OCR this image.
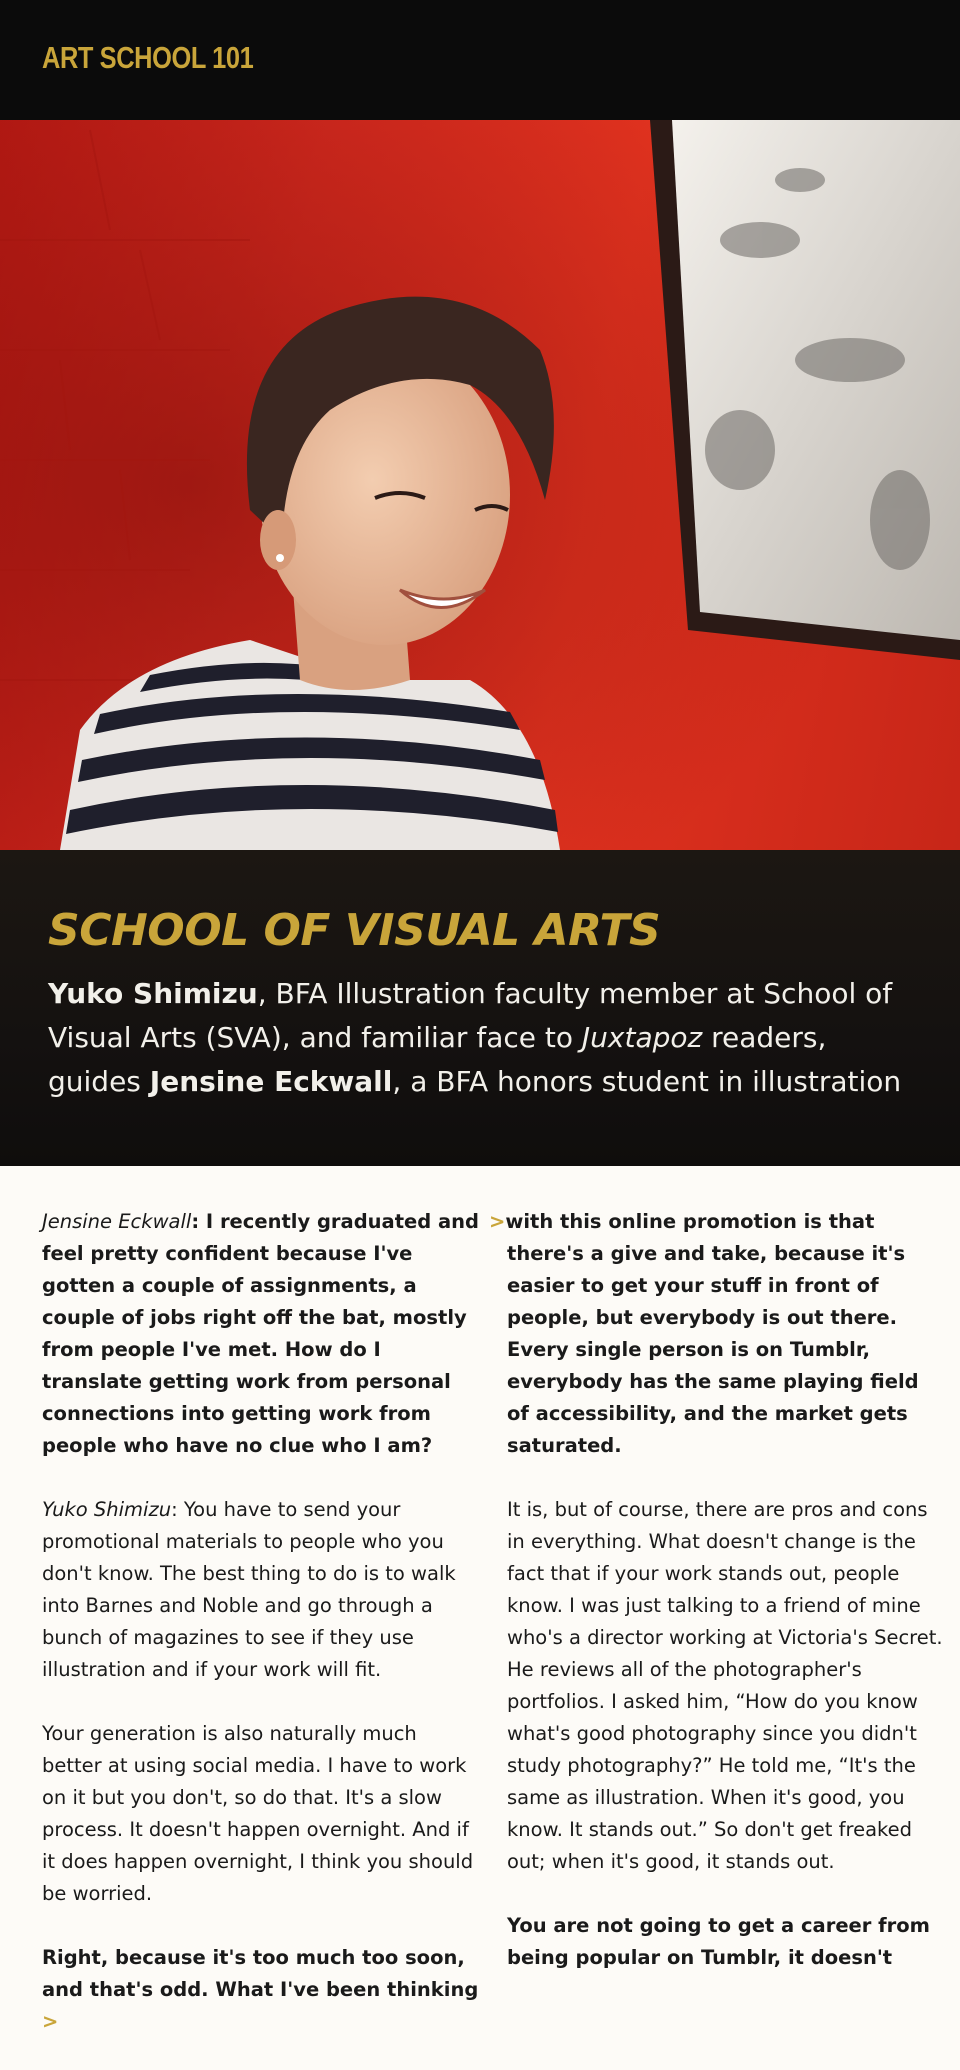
ART SCHOOL 101
SCHOOL OF VISUAL ARTS
Yuko Shimizu, BFA Illustration faculty member at School of Visual Arts (SVA), and familiar face to Juxtapoz readers, guides Jensine Eckwall, a BFA honors student in illustration

Jensine Eckwall: I recently graduated and feel pretty confident because I've gotten a couple of assignments, a couple of jobs right off the bat, mostly from people I've met. How do I translate getting work from personal connections into getting work from people who have no clue who I am?

Yuko Shimizu: You have to send your promotional materials to people who you don't know. The best thing to do is to walk into Barnes and Noble and go through a bunch of magazines to see if they use illustration and if your work will fit.

Your generation is also naturally much better at using social media. I have to work on it but you don't, so do that. It's a slow process. It doesn't happen overnight. And if it does happen overnight, I think you should be worried.

Right, because it's too much too soon, and that's odd. What I've been thinking >

>with this online promotion is that there's a give and take, because it's easier to get your stuff in front of people, but everybody is out there. Every single person is on Tumblr, everybody has the same playing field of accessibility, and the market gets saturated.

It is, but of course, there are pros and cons in everything. What doesn't change is the fact that if your work stands out, people know. I was just talking to a friend of mine who's a director working at Victoria's Secret. He reviews all of the photographer's portfolios. I asked him, “How do you know what's good photography since you didn't study photography?” He told me, “It's the same as illustration. When it's good, you know. It stands out.” So don't get freaked out; when it's good, it stands out.

You are not going to get a career from being popular on Tumblr, it doesn't
